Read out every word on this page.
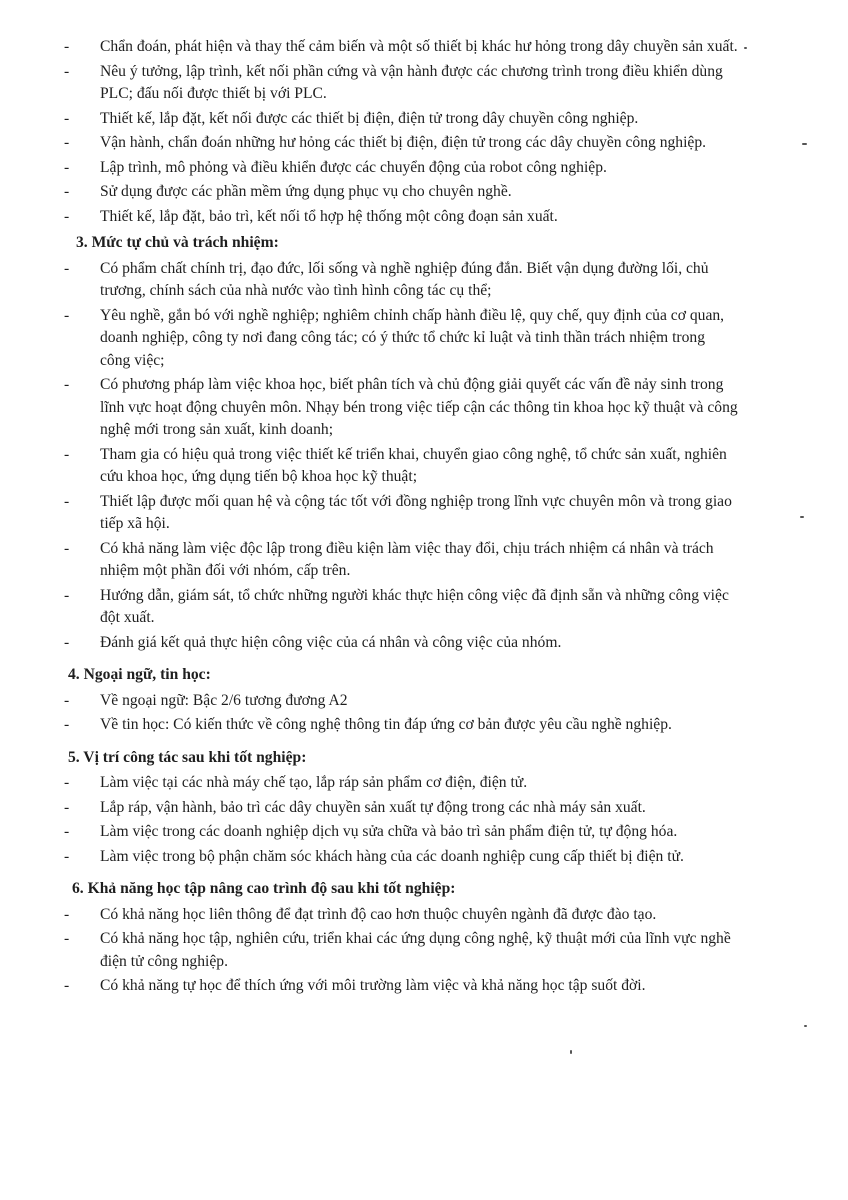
- Chẩn đoán, phát hiện và thay thế cảm biến và một số thiết bị khác hư hỏng trong dây chuyền sản xuất.
- Nêu ý tưởng, lập trình, kết nối phần cứng và vận hành được các chương trình trong điều khiển dùng PLC; đấu nối được thiết bị với PLC.
- Thiết kế, lắp đặt, kết nối được các thiết bị điện, điện tử trong dây chuyền công nghiệp.
- Vận hành, chẩn đoán những hư hỏng các thiết bị điện, điện tử trong các dây chuyền công nghiệp.
- Lập trình, mô phỏng và điều khiển được các chuyển động của robot công nghiệp.
- Sử dụng được các phần mềm ứng dụng phục vụ cho chuyên nghề.
- Thiết kế, lắp đặt, bảo trì, kết nối tổ hợp hệ thống một công đoạn sản xuất.
3. Mức tự chủ và trách nhiệm:
- Có phẩm chất chính trị, đạo đức, lối sống và nghề nghiệp đúng đắn. Biết vận dụng đường lối, chủ trương, chính sách của nhà nước vào tình hình công tác cụ thể;
- Yêu nghề, gắn bó với nghề nghiệp; nghiêm chỉnh chấp hành điều lệ, quy chế, quy định của cơ quan, doanh nghiệp, công ty nơi đang công tác; có ý thức tổ chức kỉ luật và tinh thần trách nhiệm trong công việc;
- Có phương pháp làm việc khoa học, biết phân tích và chủ động giải quyết các vấn đề nảy sinh trong lĩnh vực hoạt động chuyên môn. Nhạy bén trong việc tiếp cận các thông tin khoa học kỹ thuật và công nghệ mới trong sản xuất, kinh doanh;
- Tham gia có hiệu quả trong việc thiết kế triển khai, chuyển giao công nghệ, tổ chức sản xuất, nghiên cứu khoa học, ứng dụng tiến bộ khoa học kỹ thuật;
- Thiết lập được mối quan hệ và cộng tác tốt với đồng nghiệp trong lĩnh vực chuyên môn và trong giao tiếp xã hội.
- Có khả năng làm việc độc lập trong điều kiện làm việc thay đổi, chịu trách nhiệm cá nhân và trách nhiệm một phần đối với nhóm, cấp trên.
- Hướng dẫn, giám sát, tổ chức những người khác thực hiện công việc đã định sẵn và những công việc đột xuất.
- Đánh giá kết quả thực hiện công việc của cá nhân và công việc của nhóm.
4. Ngoại ngữ, tin học:
- Về ngoại ngữ: Bậc 2/6 tương đương A2
- Về tin học: Có kiến thức về công nghệ thông tin đáp ứng cơ bản được yêu cầu nghề nghiệp.
5. Vị trí công tác sau khi tốt nghiệp:
- Làm việc tại các nhà máy chế tạo, lắp ráp sản phẩm cơ điện, điện tử.
- Lắp ráp, vận hành, bảo trì các dây chuyền sản xuất tự động trong các nhà máy sản xuất.
- Làm việc trong các doanh nghiệp dịch vụ sửa chữa và bảo trì sản phẩm điện tử, tự động hóa.
- Làm việc trong bộ phận chăm sóc khách hàng của các doanh nghiệp cung cấp thiết bị điện tử.
6. Khả năng học tập nâng cao trình độ sau khi tốt nghiệp:
- Có khả năng học liên thông để đạt trình độ cao hơn thuộc chuyên ngành đã được đào tạo.
- Có khả năng học tập, nghiên cứu, triển khai các ứng dụng công nghệ, kỹ thuật mới của lĩnh vực nghề điện tử công nghiệp.
- Có khả năng tự học để thích ứng với môi trường làm việc và khả năng học tập suốt đời.
